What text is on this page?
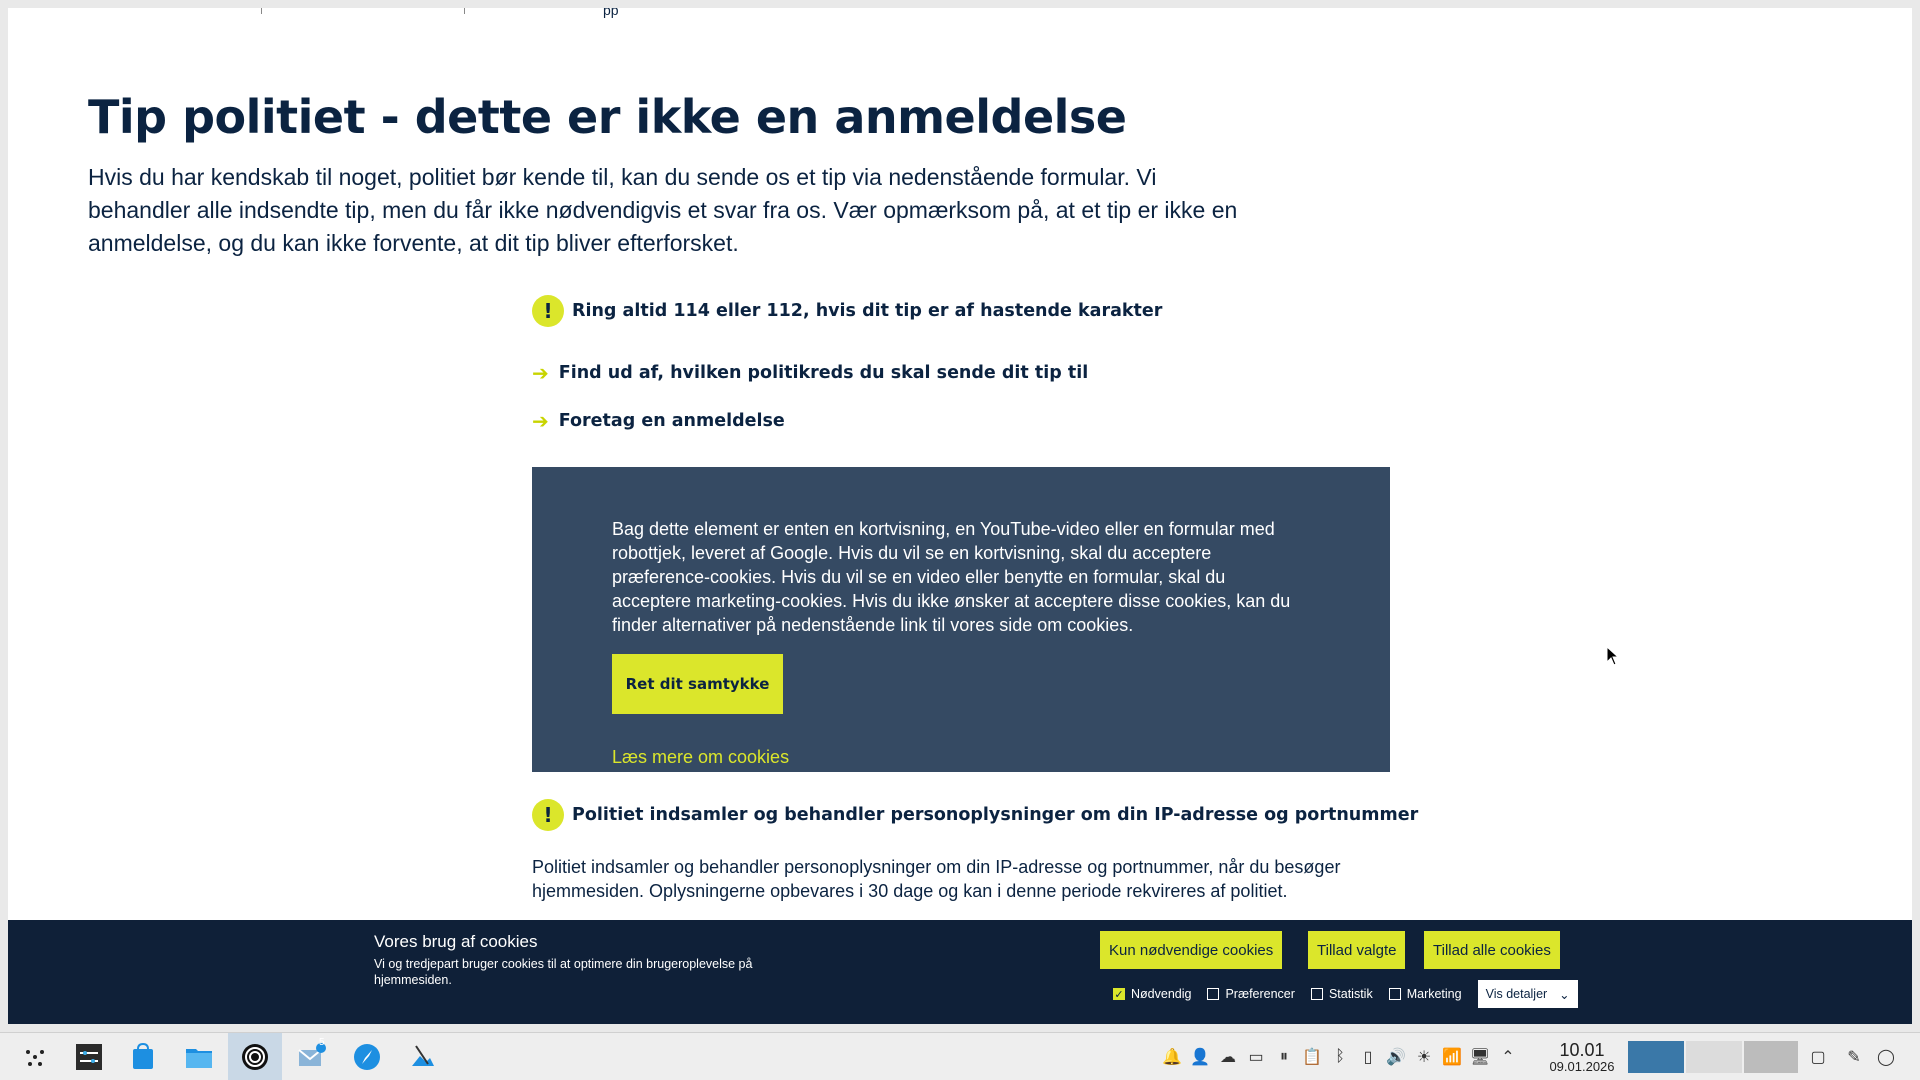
pp
Tip politiet - dette er ikke en anmeldelse

Hvis du har kendskab til noget, politiet bør kende til, kan du sende os et tip via nedenstående formular. Vi behandler alle indsendte tip, men du får ikke nødvendigvis et svar fra os. Vær opmærksom på, at et tip er ikke en anmeldelse, og du kan ikke forvente, at dit tip bliver efterforsket.

!	Ring altid 114 eller 112, hvis dit tip er af hastende karakter
➔ Find ud af, hvilken politikreds du skal sende dit tip til
➔ Foretag en anmeldelse

Bag dette element er enten en kortvisning, en YouTube-video eller en formular med robottjek, leveret af Google. Hvis du vil se en kortvisning, skal du acceptere præference-cookies. Hvis du vil se en video eller benytte en formular, skal du acceptere marketing-cookies. Hvis du ikke ønsker at acceptere disse cookies, kan du finder alternativer på nedenstående link til vores side om cookies.

Ret dit samtykke
Læs mere om cookies
!	Politiet indsamler og behandler personoplysninger om din IP-adresse og portnummer

Politiet indsamler og behandler personoplysninger om din IP-adresse og portnummer, når du besøger hjemmesiden. Oplysningerne opbevares i 30 dage og kan i denne periode rekvireres af politiet.

Vores brug af cookies
Vi og tredjepart bruger cookies til at optimere din brugeroplevelse på hjemmesiden.
Kun nødvendige cookies	Tillad valgte	Tillad alle cookies
✓ Nødvendig	Præferencer	Statistik	Marketing Vis detaljer ⌄
5
🔔 👤 ☁ ▭	⏸ 📋 ᛒ	▯ 🔊 ☀ 📶 🖥 ⌃	10.01
09.01.2026
▢	✎	◯
